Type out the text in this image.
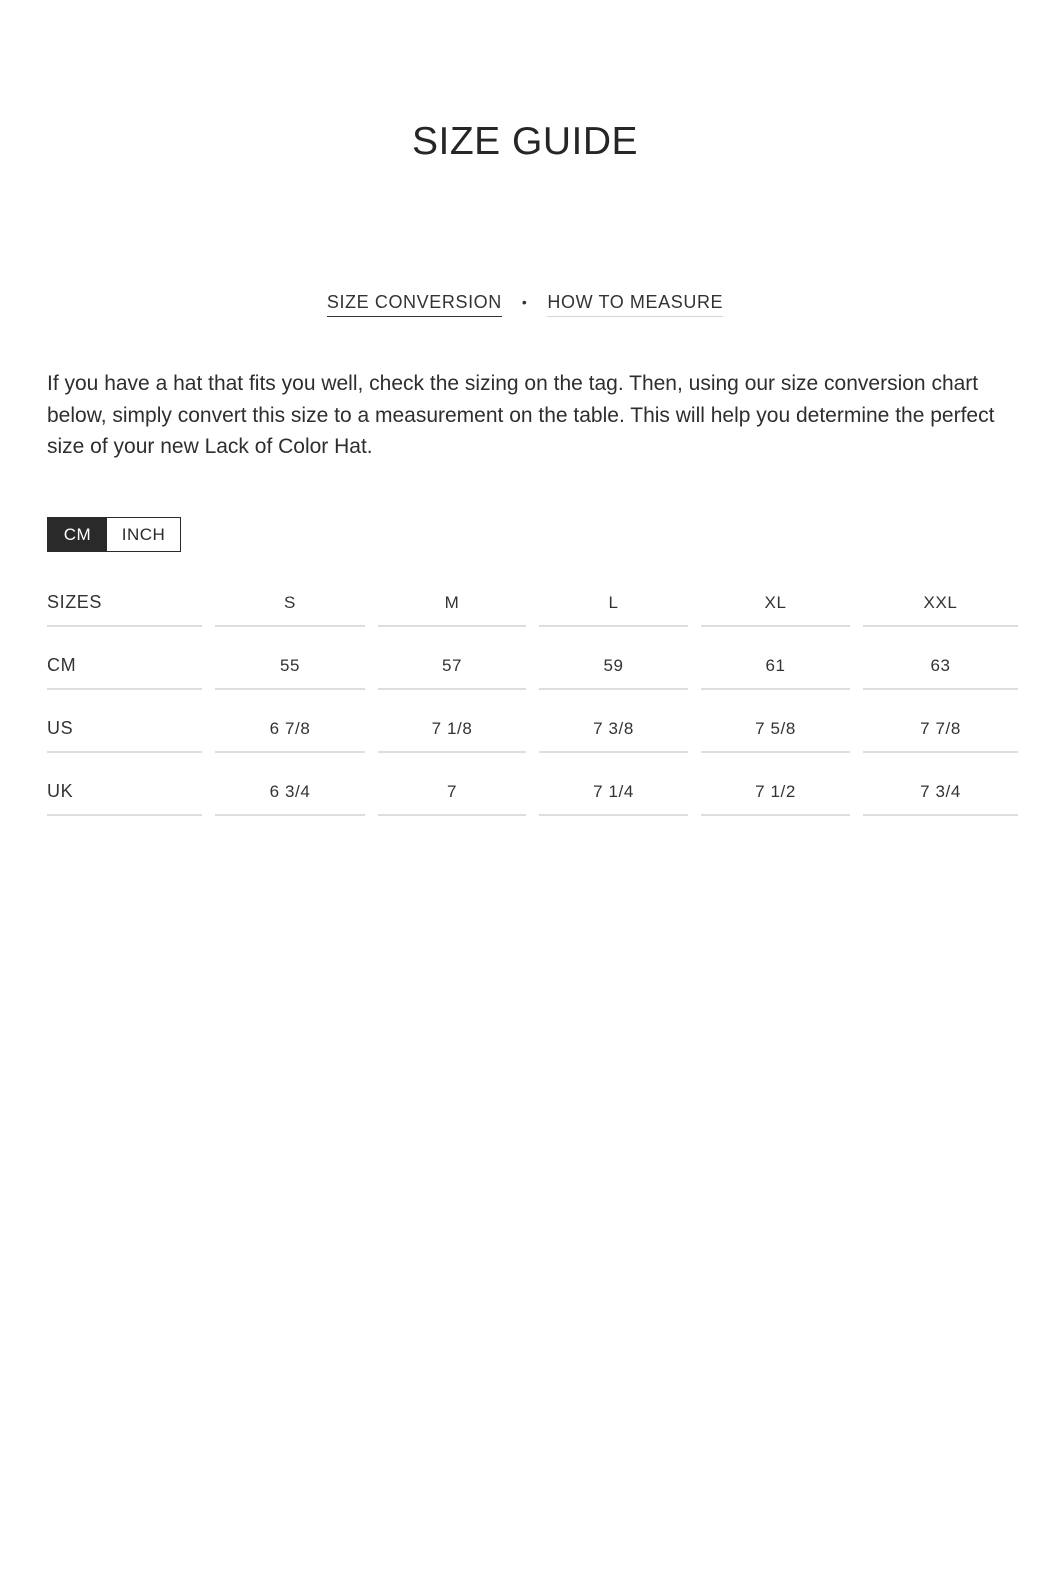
SIZE GUIDE
SIZE CONVERSION • HOW TO MEASURE

If you have a hat that fits you well, check the sizing on the tag. Then, using our size conversion chart below, simply convert this size to a measurement on the table. This will help you determine the perfect size of your new Lack of Color Hat.

CM	INCH
SIZES	S	M	L	XL	XXL
CM	55	57	59	61	63
US	6 7/8	7 1/8	7 3/8	7 5/8	7 7/8
UK	6 3/4	7	7 1/4	7 1/2	7 3/4
